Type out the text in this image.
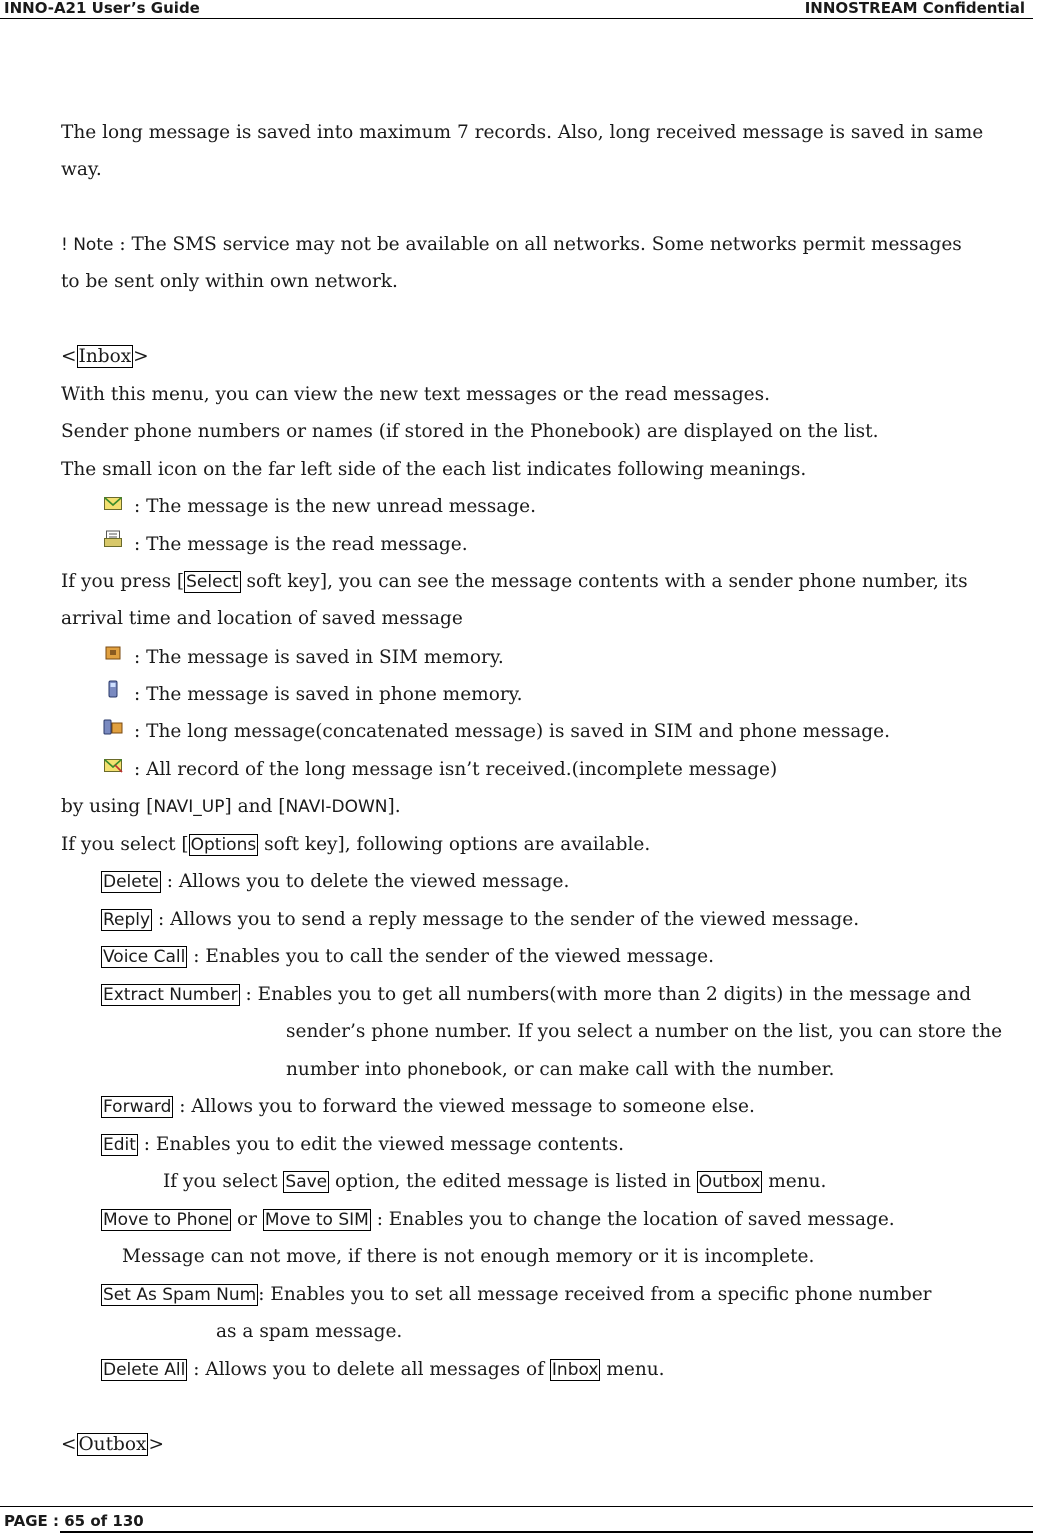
INNO-A21 User’s Guide	INNOSTREAM Confidential
The long message is saved into maximum 7 records. Also, long received message is saved in same
way.
! Note : The SMS service may not be available on all networks. Some networks permit messages
to be sent only within own network.
< Inbox >
With this menu, you can view the new text messages or the read messages.
Sender phone numbers or names (if stored in the Phonebook) are displayed on the list.
The small icon on the far left side of the each list indicates following meanings.
: The message is the new unread message.
: The message is the read message.
If you press [ Select soft key], you can see the message contents with a sender phone number, its
arrival time and location of saved message
: The message is saved in SIM memory.
: The message is saved in phone memory.
: The long message(concatenated message) is saved in SIM and phone message.
: All record of the long message isn’t received.(incomplete message)
by using [NAVI_UP] and [NAVI-DOWN].
If you select [ Options soft key], following options are available.
Delete : Allows you to delete the viewed message.
Reply : Allows you to send a reply message to the sender of the viewed message.
Voice Call : Enables you to call the sender of the viewed message.
Extract Number : Enables you to get all numbers(with more than 2 digits) in the message and
sender’s phone number. If you select a number on the list, you can store the
number into phonebook, or can make call with the number.
Forward : Allows you to forward the viewed message to someone else.
Edit : Enables you to edit the viewed message contents.
If you select Save option, the edited message is listed in Outbox menu.
Move to Phone or Move to SIM : Enables you to change the location of saved message.
Message can not move, if there is not enough memory or it is incomplete.
Set As Spam Num : Enables you to set all message received from a specific phone number
as a spam message.
Delete All : Allows you to delete all messages of Inbox menu.
< Outbox >
PAGE : 65 of 130
